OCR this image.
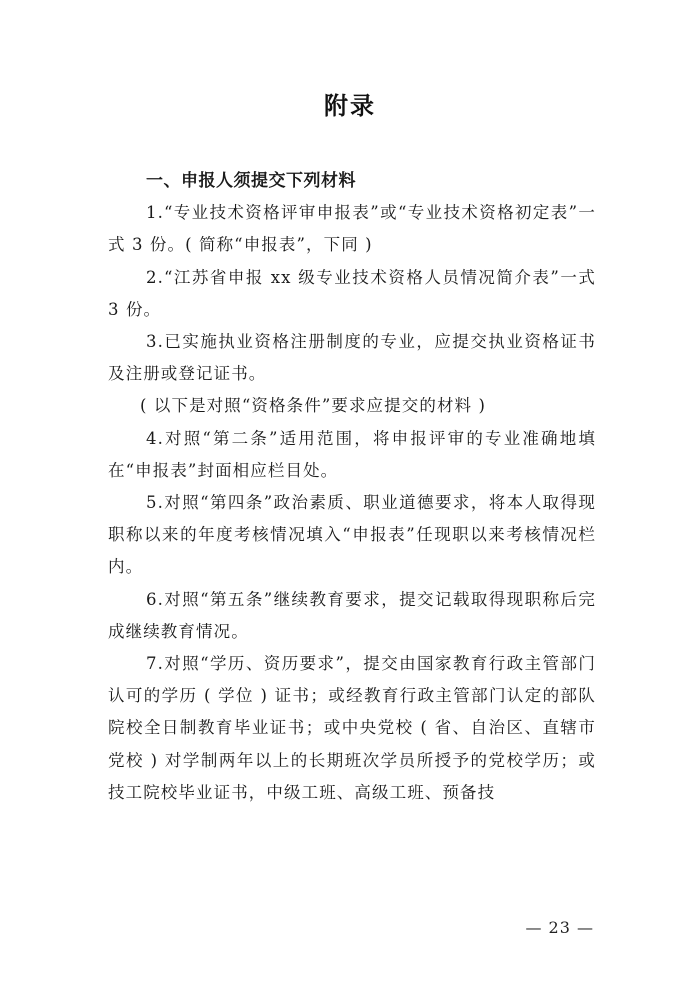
附录

一、申报人须提交下列材料

1.“专业技术资格评审申报表”或“专业技术资格初定表”一式 3 份。( 简称“申报表”，下同 )

2.“江苏省申报 xx 级专业技术资格人员情况简介表”一式 3 份。

3.已实施执业资格注册制度的专业，应提交执业资格证书及注册或登记证书。

( 以下是对照“资格条件”要求应提交的材料 )

4.对照“第二条”适用范围，将申报评审的专业准确地填在“申报表”封面相应栏目处。

5.对照“第四条”政治素质、职业道德要求，将本人取得现职称以来的年度考核情况填入“申报表”任现职以来考核情况栏内。

6.对照“第五条”继续教育要求，提交记载取得现职称后完成继续教育情况。

7.对照“学历、资历要求”，提交由国家教育行政主管部门认可的学历 ( 学位 ) 证书；或经教育行政主管部门认定的部队院校全日制教育毕业证书；或中央党校 ( 省、自治区、直辖市党校 ) 对学制两年以上的长期班次学员所授予的党校学历；或技工院校毕业证书，中级工班、高级工班、预备技

— 23 —
